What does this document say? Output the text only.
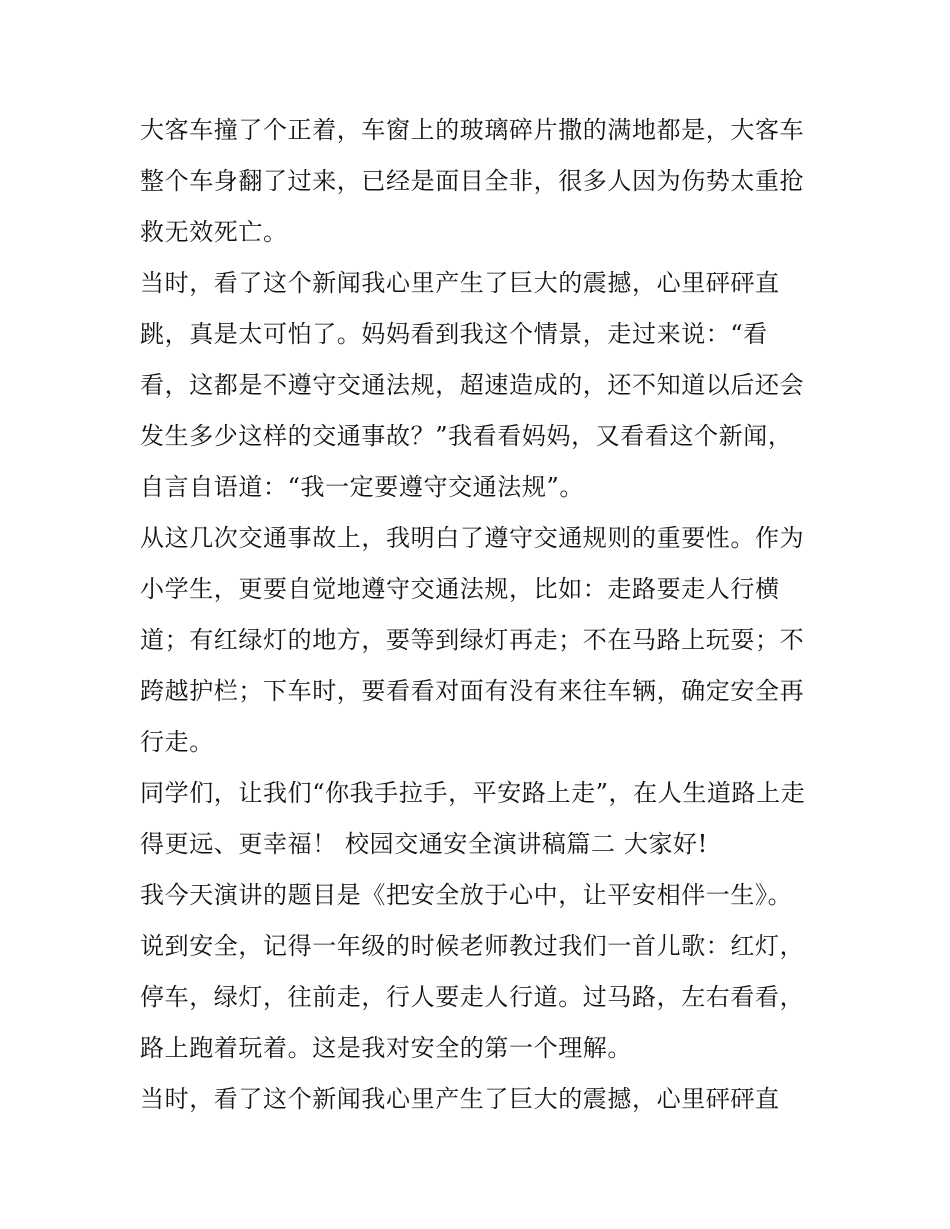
大客车撞了个正着，车窗上的玻璃碎片撒的满地都是，大客车
整个车身翻了过来，已经是面目全非，很多人因为伤势太重抢
救无效死亡。
当时，看了这个新闻我心里产生了巨大的震撼，心里砰砰直
跳，真是太可怕了。妈妈看到我这个情景，走过来说：“看
看，这都是不遵守交通法规，超速造成的，还不知道以后还会
发生多少这样的交通事故？”我看看妈妈，又看看这个新闻，
自言自语道：“我一定要遵守交通法规”。
从这几次交通事故上，我明白了遵守交通规则的重要性。作为
小学生，更要自觉地遵守交通法规，比如：走路要走人行横
道；有红绿灯的地方，要等到绿灯再走；不在马路上玩耍；不
跨越护栏；下车时，要看看对面有没有来往车辆，确定安全再
行走。
同学们，让我们“你我手拉手，平安路上走”，在人生道路上走
得更远、更幸福！ 校园交通安全演讲稿篇二 大家好!
我今天演讲的题目是《把安全放于心中，让平安相伴一生》。
说到安全，记得一年级的时候老师教过我们一首儿歌：红灯，
停车，绿灯，往前走，行人要走人行道。过马路，左右看看，
路上跑着玩着。这是我对安全的第一个理解。
当时，看了这个新闻我心里产生了巨大的震撼，心里砰砰直
